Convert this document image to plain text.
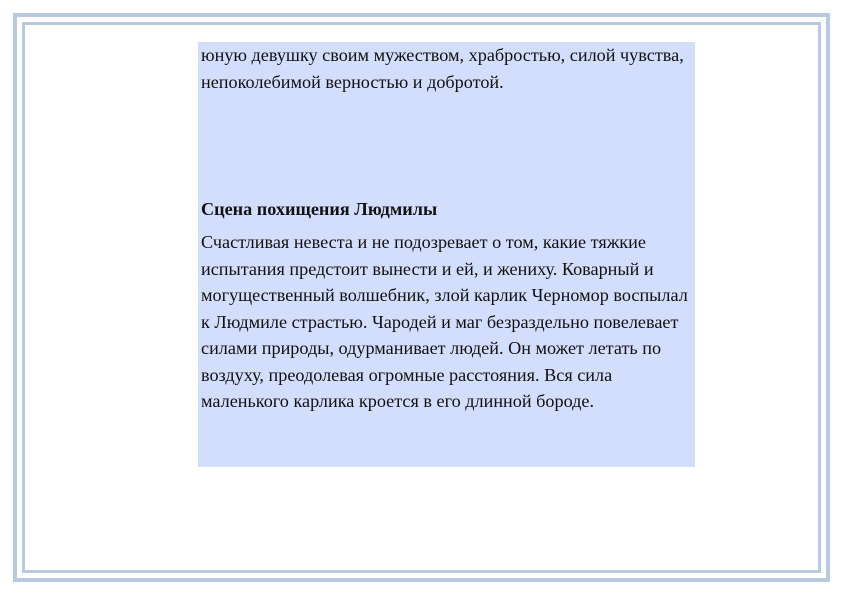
юную девушку своим мужеством, храбростью, силой чувства, непоколебимой верностью и добротой.

Сцена похищения Людмилы

Счастливая невеста и не подозревает о том, какие тяжкие испытания предстоит вынести и ей, и жениху. Коварный и могущественный волшебник, злой карлик Черномор воспылал к Людмиле страстью. Чародей и маг безраздельно повелевает силами природы, одурманивает людей. Он может летать по воздуху, преодолевая огромные расстояния. Вся сила маленького карлика кроется в его длинной бороде.
